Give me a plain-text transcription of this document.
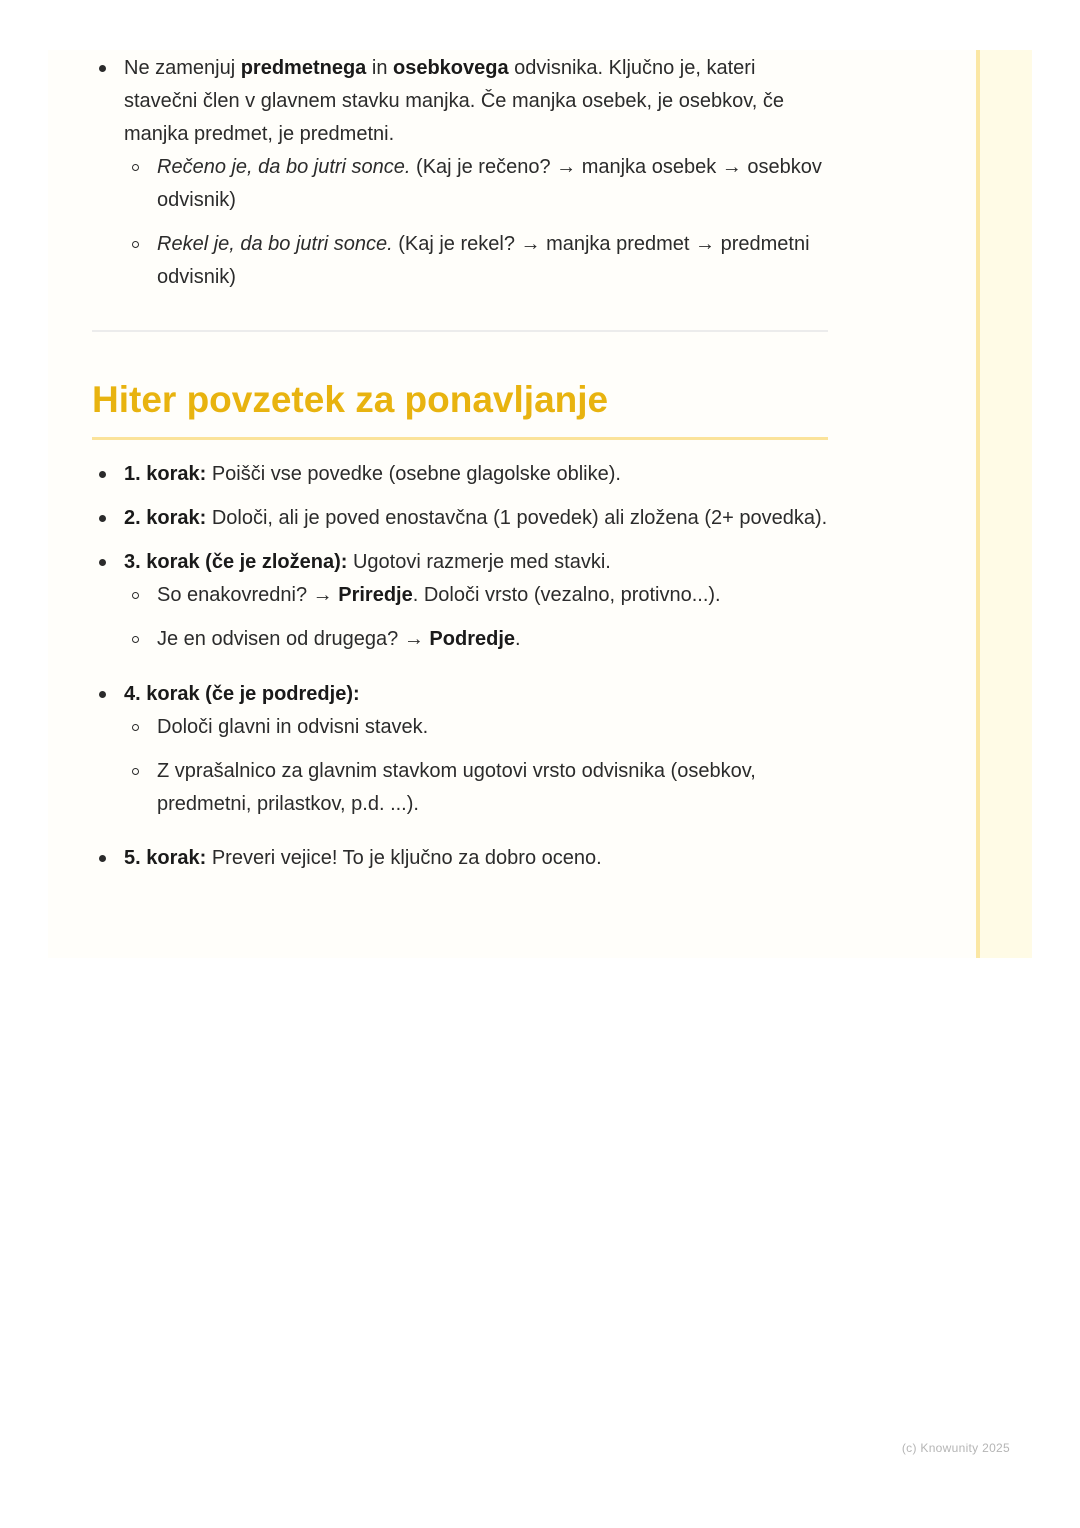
Ne zamenjuj predmetnega in osebkovega odvisnika. Ključno je, kateri stavečni člen v glavnem stavku manjka. Če manjka osebek, je osebkov, če manjka predmet, je predmetni.
Rečeno je, da bo jutri sonce. (Kaj je rečeno? → manjka osebek → osebkov odvisnik)
Rekel je, da bo jutri sonce. (Kaj je rekel? → manjka predmet → predmetni odvisnik)
Hiter povzetek za ponavljanje
1. korak: Poišči vse povedke (osebne glagolske oblike).
2. korak: Določi, ali je poved enostavčna (1 povedek) ali zložena (2+ povedka).
3. korak (če je zložena): Ugotovi razmerje med stavki.
So enakovredni? → Priredje. Določi vrsto (vezalno, protivno...).
Je en odvisen od drugega? → Podredje.
4. korak (če je podredje):
Določi glavni in odvisni stavek.
Z vprašalnico za glavnim stavkom ugotovi vrsto odvisnika (osebkov, predmetni, prilastkov, p.d. ...).
5. korak: Preveri vejice! To je ključno za dobro oceno.
(c) Knowunity 2025
